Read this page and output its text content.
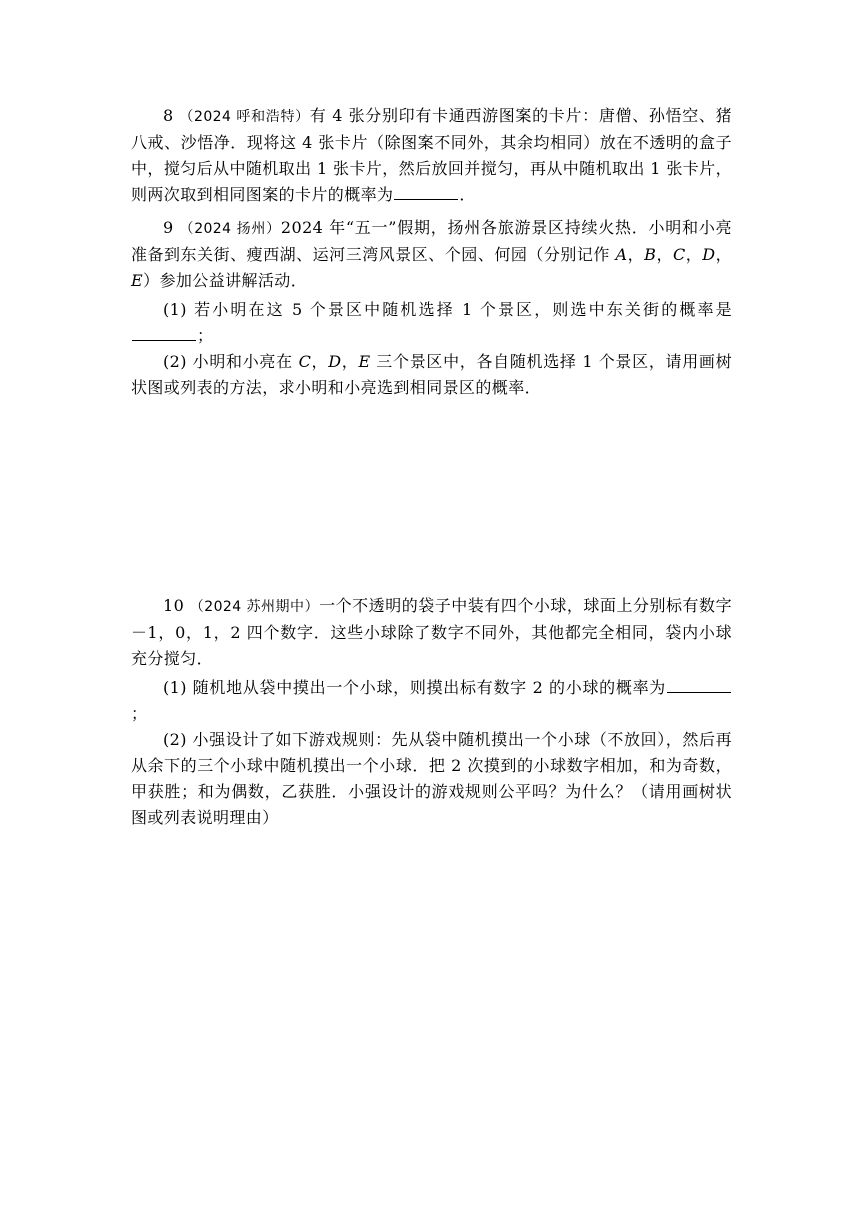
8 （2024 呼和浩特）有 4 张分别印有卡通西游图案的卡片：唐僧、孙悟空、猪八戒、沙悟净．现将这 4 张卡片（除图案不同外，其余均相同）放在不透明的盒子中，搅匀后从中随机取出 1 张卡片，然后放回并搅匀，再从中随机取出 1 张卡片，则两次取到相同图案的卡片的概率为	．

9 （2024 扬州）2024 年“五一”假期，扬州各旅游景区持续火热．小明和小亮准备到东关街、瘦西湖、运河三湾风景区、个园、何园（分别记作 A，B，C，D，E）参加公益讲解活动．

(1) 若小明在这 5 个景区中随机选择 1 个景区，则选中东关街的概率是；

(2) 小明和小亮在 C，D，E 三个景区中，各自随机选择 1 个景区，请用画树状图或列表的方法，求小明和小亮选到相同景区的概率．

10 （2024 苏州期中）一个不透明的袋子中装有四个小球，球面上分别标有数字－1，0，1，2 四个数字．这些小球除了数字不同外，其他都完全相同，袋内小球充分搅匀．

(1) 随机地从袋中摸出一个小球，则摸出标有数字 2 的小球的概率为；

(2) 小强设计了如下游戏规则：先从袋中随机摸出一个小球（不放回），然后再从余下的三个小球中随机摸出一个小球．把 2 次摸到的小球数字相加，和为奇数，甲获胜；和为偶数，乙获胜．小强设计的游戏规则公平吗？为什么？（请用画树状图或列表说明理由）
